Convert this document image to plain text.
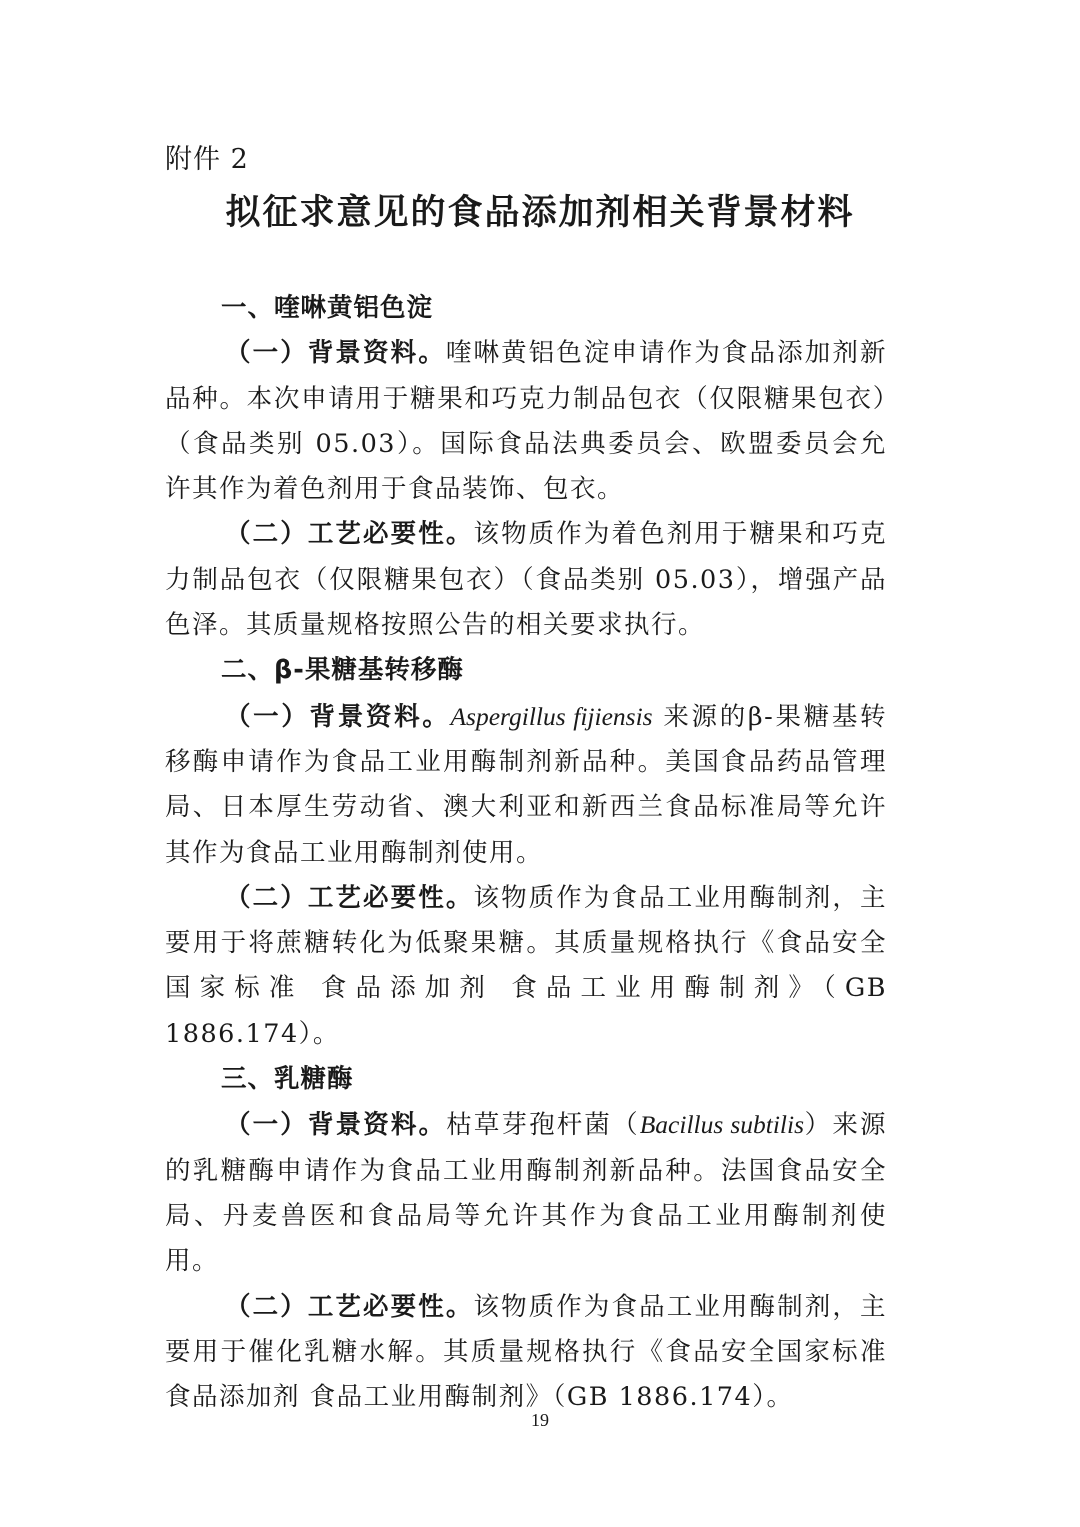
附件 2
拟征求意见的食品添加剂相关背景材料
一、喹啉黄铝色淀

（一）背景资料。喹啉黄铝色淀申请作为食品添加剂新品种。本次申请用于糖果和巧克力制品包衣（仅限糖果包衣）（食品类别 05.03）。国际食品法典委员会、欧盟委员会允许其作为着色剂用于食品装饰、包衣。

（二）工艺必要性。该物质作为着色剂用于糖果和巧克力制品包衣（仅限糖果包衣）（食品类别 05.03），增强产品色泽。其质量规格按照公告的相关要求执行。

二、β-果糖基转移酶

（一）背景资料。Aspergillus fijiensis 来源的β-果糖基转移酶申请作为食品工业用酶制剂新品种。美国食品药品管理局、日本厚生劳动省、澳大利亚和新西兰食品标准局等允许其作为食品工业用酶制剂使用。

（二）工艺必要性。该物质作为食品工业用酶制剂，主要用于将蔗糖转化为低聚果糖。其质量规格执行《食品安全国家标准 食品添加剂 食品工业用酶制剂》（GB 1886.174）。

三、乳糖酶

（一）背景资料。枯草芽孢杆菌（Bacillus subtilis）来源的乳糖酶申请作为食品工业用酶制剂新品种。法国食品安全局、丹麦兽医和食品局等允许其作为食品工业用酶制剂使用。

（二）工艺必要性。该物质作为食品工业用酶制剂，主要用于催化乳糖水解。其质量规格执行《食品安全国家标准 食品添加剂 食品工业用酶制剂》（GB 1886.174）。

19
